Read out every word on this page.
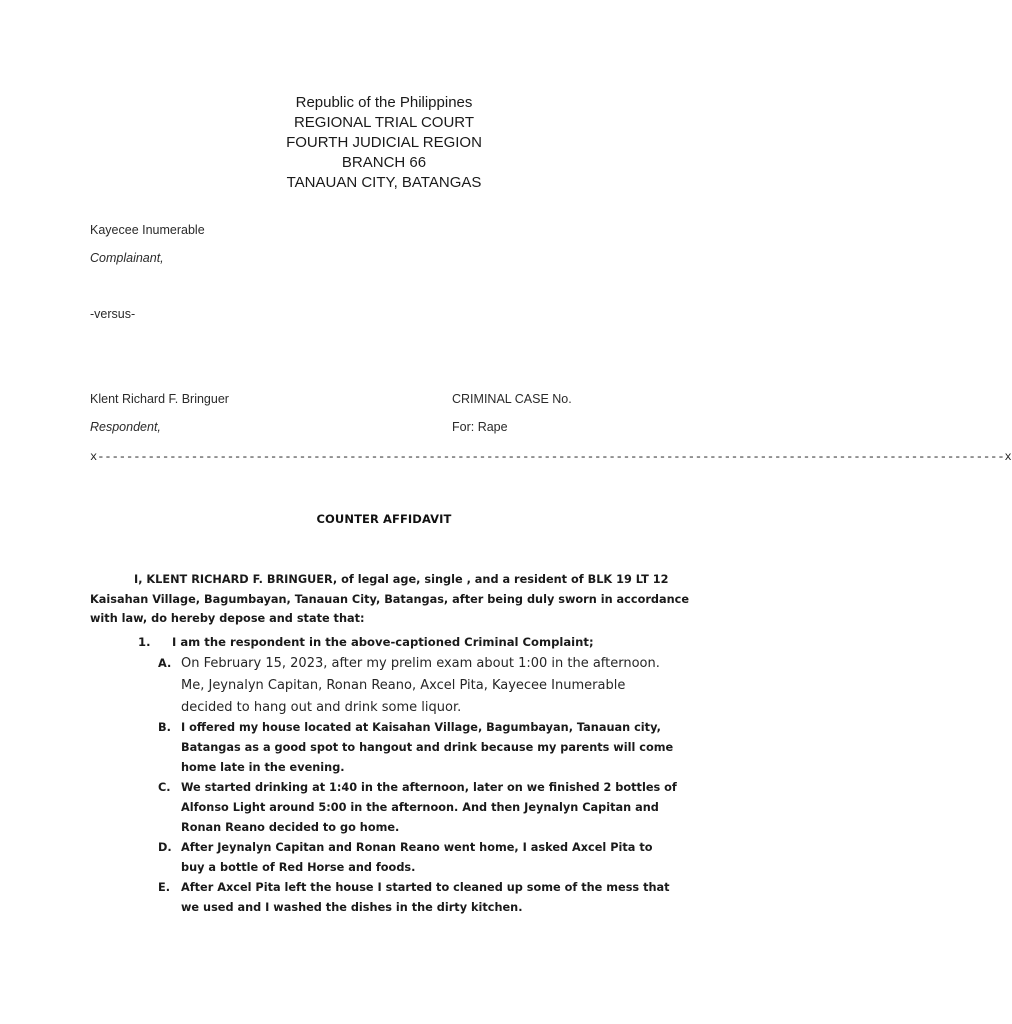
Republic of the Philippines
REGIONAL TRIAL COURT
FOURTH JUDICIAL REGION
BRANCH 66
TANAUAN CITY, BATANGAS
Kayecee Inumerable
Complainant,
-versus-
Klent Richard F. Bringuer
Respondent,
CRIMINAL CASE No.
For: Rape
x------------------------------------------------------------------------------------------------------------------------------x
COUNTER AFFIDAVIT

I, KLENT RICHARD F. BRINGUER, of legal age, single , and a resident of BLK 19 LT 12 Kaisahan Village, Bagumbayan, Tanauan City, Batangas, after being duly sworn in accordance with law, do hereby depose and state that:

1. I am the respondent in the above-captioned Criminal Complaint;
A. On February 15, 2023, after my prelim exam about 1:00 in the afternoon. Me, Jeynalyn Capitan, Ronan Reano, Axcel Pita, Kayecee Inumerable decided to hang out and drink some liquor.
B. I offered my house located at Kaisahan Village, Bagumbayan, Tanauan city, Batangas as a good spot to hangout and drink because my parents will come home late in the evening.
C. We started drinking at 1:40 in the afternoon, later on we finished 2 bottles of Alfonso Light around 5:00 in the afternoon. And then Jeynalyn Capitan and Ronan Reano decided to go home.
D. After Jeynalyn Capitan and Ronan Reano went home, I asked Axcel Pita to buy a bottle of Red Horse and foods.
E. After Axcel Pita left the house I started to cleaned up some of the mess that we used and I washed the dishes in the dirty kitchen.
